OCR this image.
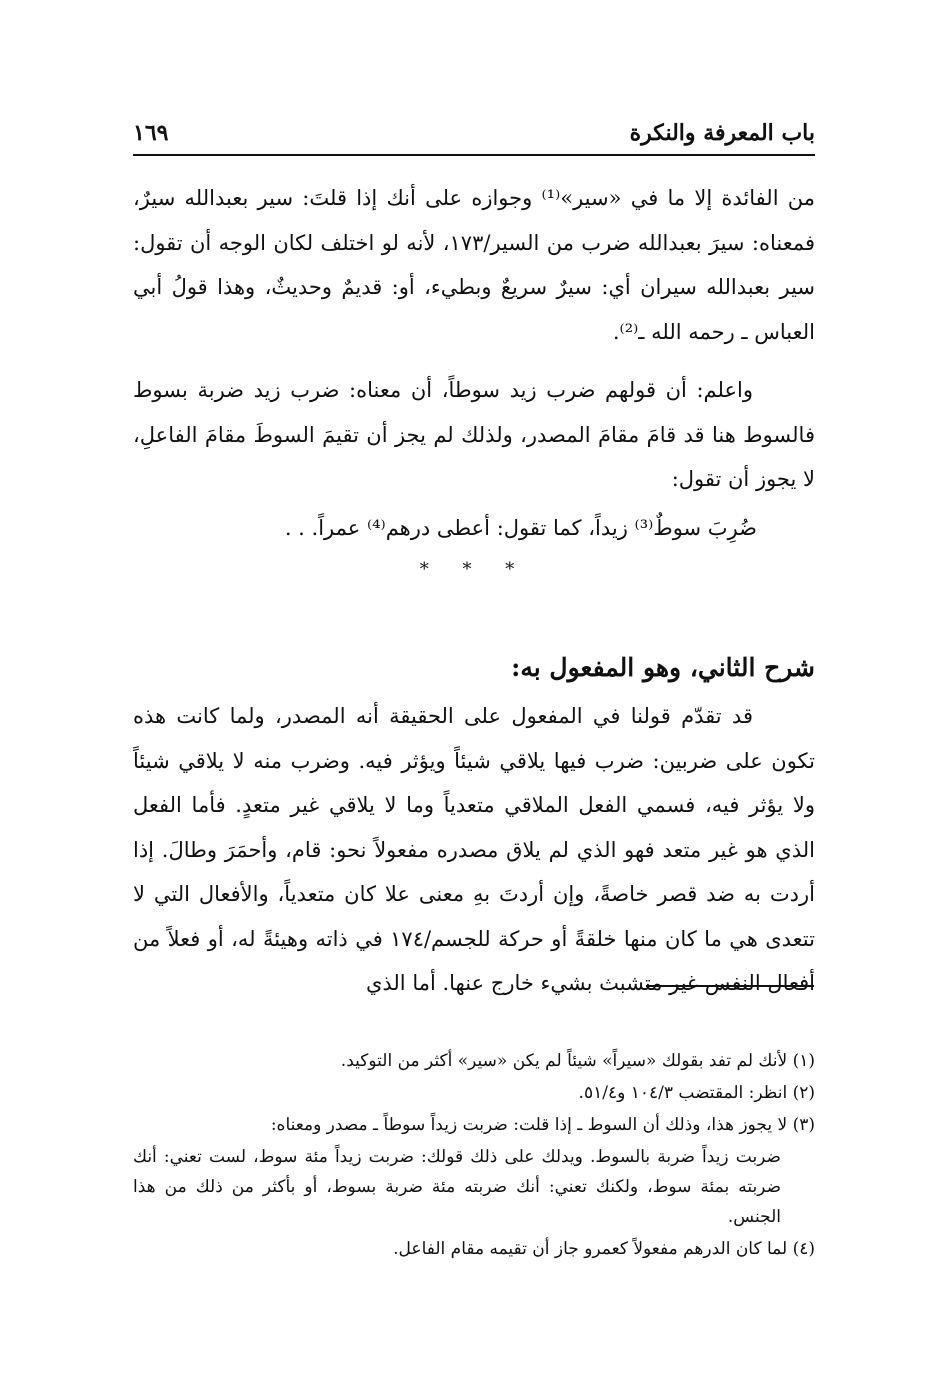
باب المعرفة والنكرة
١٦٩

من الفائدة إلا ما في «سير»⁽¹⁾ وجوازه على أنك إذا قلتَ: سير بعبدالله سيرٌ، فمعناه: سيرَ بعبدالله ضرب من السير/١٧٣، لأنه لو اختلف لكان الوجه أن تقول: سير بعبدالله سيران أي: سيرٌ سريعٌ وبطيء، أو: قديمٌ وحديثٌ، وهذا قولُ أبي العباس ـ رحمه الله ـ⁽²⁾.

واعلم: أن قولهم ضرب زيد سوطاً، أن معناه: ضرب زيد ضربة بسوط فالسوط هنا قد قامَ مقامَ المصدر، ولذلك لم يجز أن تقيمَ السوطَ مقامَ الفاعلِ، لا يجوز أن تقول:

ضُرِبَ سوطٌ⁽³⁾ زيداً، كما تقول: أعطى درهم⁽⁴⁾ عمراً. . .

* * *

شرح الثاني، وهو المفعول به:

قد تقدّم قولنا في المفعول على الحقيقة أنه المصدر، ولما كانت هذه تكون على ضربين: ضرب فيها يلاقي شيئاً ويؤثر فيه. وضرب منه لا يلاقي شيئاً ولا يؤثر فيه، فسمي الفعل الملاقي متعدياً وما لا يلاقي غير متعدٍ. فأما الفعل الذي هو غير متعد فهو الذي لم يلاق مصدره مفعولاً نحو: قام، وأحمَرَ وطالَ. إذا أردت به ضد قصر خاصةً، وإن أردتَ بهِ معنى علا كان متعدياً، والأفعال التي لا تتعدى هي ما كان منها خلقةً أو حركة للجسم/١٧٤ في ذاته وهيئةً له، أو فعلاً من أفعال النفس غير متشبث بشيء خارج عنها. أما الذي

(١) لأنك لم تفد بقولك «سيراً» شيئاً لم يكن «سير» أكثر من التوكيد.

(٢) انظر: المقتضب ١٠٤/٣ و٥١/٤.

(٣) لا يجوز هذا، وذلك أن السوط ـ إذا قلت: ضربت زيداً سوطاً ـ مصدر ومعناه:

ضربت زيداً ضربة بالسوط. ويدلك على ذلك قولك: ضربت زيداً مئة سوط، لست تعني: أنك ضربته بمئة سوط، ولكنك تعني: أنك ضربته مئة ضربة بسوط، أو بأكثر من ذلك من هذا الجنس.

(٤) لما كان الدرهم مفعولاً كعمرو جاز أن تقيمه مقام الفاعل.
